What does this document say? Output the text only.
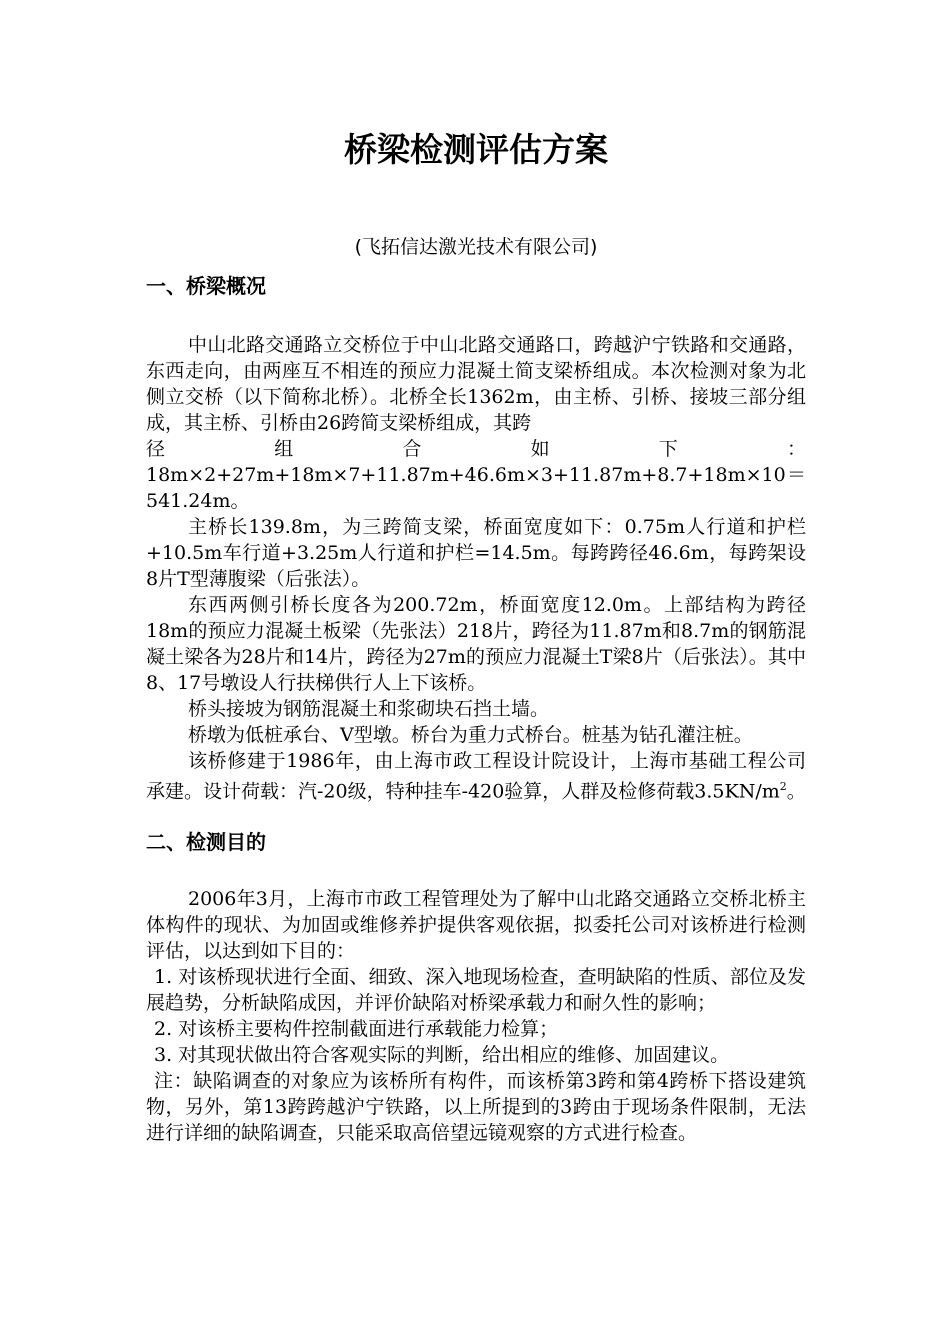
桥梁检测评估方案
(飞拓信达激光技术有限公司)
一、桥梁概况

中山北路交通路立交桥位于中山北路交通路口，跨越沪宁铁路和交通路，东西走向，由两座互不相连的预应力混凝土简支梁桥组成。本次检测对象为北侧立交桥（以下简称北桥）。北桥全长1362m，由主桥、引桥、接坡三部分组成，其主桥、引桥由26跨简支梁桥组成，其跨

径	组	合	如	下	：
18m×2+27m+18m×7+11.87m+46.6m×3+11.87m+8.7+18m×10 ＝

541.24m。

主桥长139.8m，为三跨简支梁，桥面宽度如下：0.75m人行道和护栏+10.5m车行道+3.25m人行道和护栏=14.5m。每跨跨径46.6m，每跨架设8片T型薄腹梁（后张法）。

东西两侧引桥长度各为200.72m，桥面宽度12.0m。上部结构为跨径18m的预应力混凝土板梁（先张法）218片，跨径为11.87m和8.7m的钢筋混凝土梁各为28片和14片，跨径为27m的预应力混凝土T梁8片（后张法）。其中8、17号墩设人行扶梯供行人上下该桥。

桥头接坡为钢筋混凝土和浆砌块石挡土墙。

桥墩为低桩承台、V型墩。桥台为重力式桥台。桩基为钻孔灌注桩。

该桥修建于1986年，由上海市政工程设计院设计，上海市基础工程公司承建。设计荷载：汽-20级，特种挂车-420验算，人群及检修荷载$3.5KN/m^2$。

二、检测目的

2006年3月，上海市市政工程管理处为了解中山北路交通路立交桥北桥主体构件的现状、为加固或维修养护提供客观依据，拟委托公司对该桥进行检测评估，以达到如下目的：

1. 对该桥现状进行全面、细致、深入地现场检查，查明缺陷的性质、部位及发展趋势，分析缺陷成因，并评价缺陷对桥梁承载力和耐久性的影响；

2. 对该桥主要构件控制截面进行承载能力检算；

3. 对其现状做出符合客观实际的判断，给出相应的维修、加固建议。

注：缺陷调查的对象应为该桥所有构件，而该桥第3跨和第4跨桥下搭设建筑物，另外，第13跨跨越沪宁铁路，以上所提到的3跨由于现场条件限制，无法进行详细的缺陷调查，只能采取高倍望远镜观察的方式进行检查。
